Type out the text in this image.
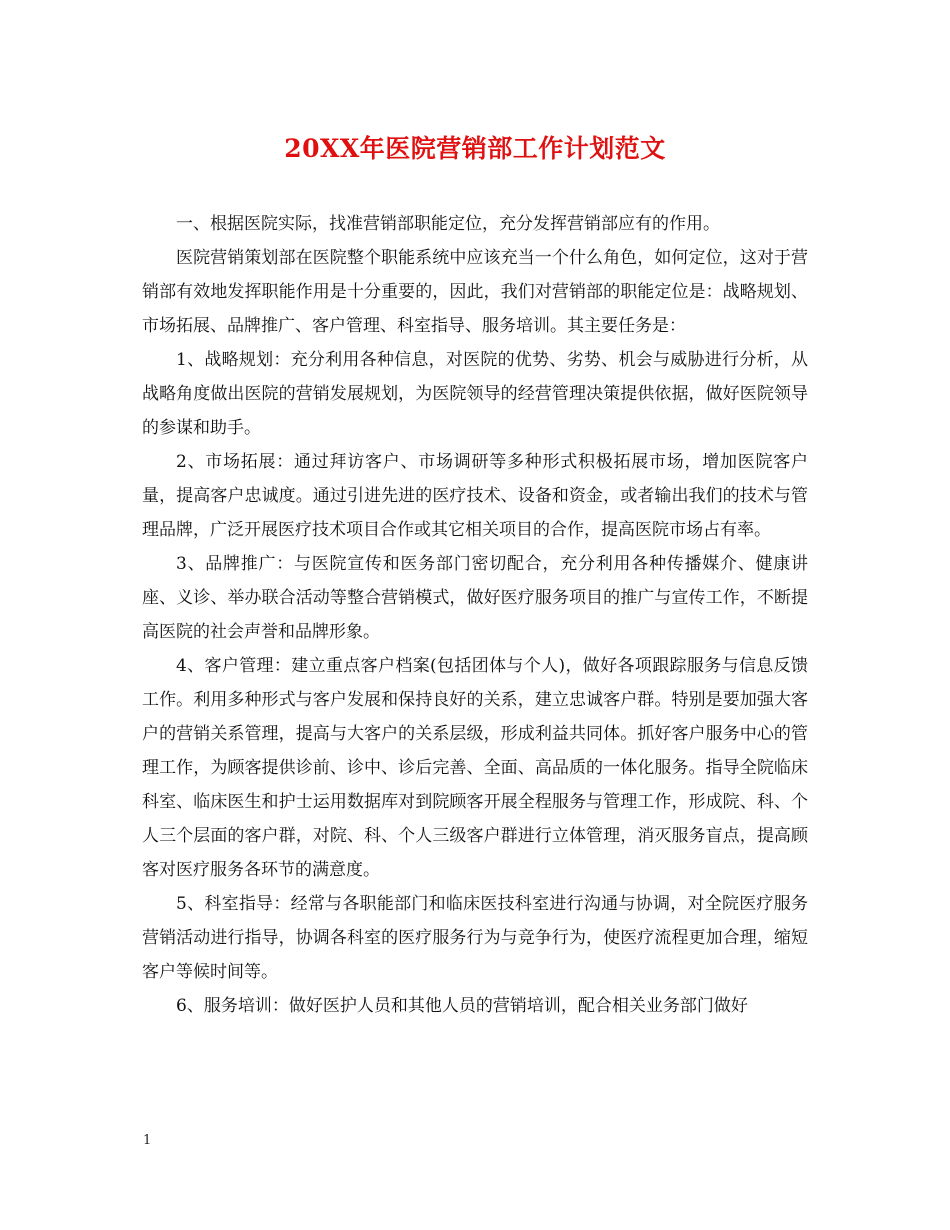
20XX年医院营销部工作计划范文

一、根据医院实际，找准营销部职能定位，充分发挥营销部应有的作用。

医院营销策划部在医院整个职能系统中应该充当一个什么角色，如何定位，这对于营销部有效地发挥职能作用是十分重要的，因此，我们对营销部的职能定位是：战略规划、市场拓展、品牌推广、客户管理、科室指导、服务培训。其主要任务是：

1、战略规划：充分利用各种信息，对医院的优势、劣势、机会与威胁进行分析，从战略角度做出医院的营销发展规划，为医院领导的经营管理决策提供依据，做好医院领导的参谋和助手。

2、市场拓展：通过拜访客户、市场调研等多种形式积极拓展市场，增加医院客户量，提高客户忠诚度。通过引进先进的医疗技术、设备和资金，或者输出我们的技术与管理品牌，广泛开展医疗技术项目合作或其它相关项目的合作，提高医院市场占有率。

3、品牌推广：与医院宣传和医务部门密切配合，充分利用各种传播媒介、健康讲座、义诊、举办联合活动等整合营销模式，做好医疗服务项目的推广与宣传工作，不断提高医院的社会声誉和品牌形象。

4、客户管理：建立重点客户档案(包括团体与个人)，做好各项跟踪服务与信息反馈工作。利用多种形式与客户发展和保持良好的关系，建立忠诚客户群。特别是要加强大客户的营销关系管理，提高与大客户的关系层级，形成利益共同体。抓好客户服务中心的管理工作，为顾客提供诊前、诊中、诊后完善、全面、高品质的一体化服务。指导全院临床科室、临床医生和护士运用数据库对到院顾客开展全程服务与管理工作，形成院、科、个人三个层面的客户群，对院、科、个人三级客户群进行立体管理，消灭服务盲点，提高顾客对医疗服务各环节的满意度。

5、科室指导：经常与各职能部门和临床医技科室进行沟通与协调，对全院医疗服务营销活动进行指导，协调各科室的医疗服务行为与竞争行为，使医疗流程更加合理，缩短客户等候时间等。

6、服务培训：做好医护人员和其他人员的营销培训，配合相关业务部门做好

1
